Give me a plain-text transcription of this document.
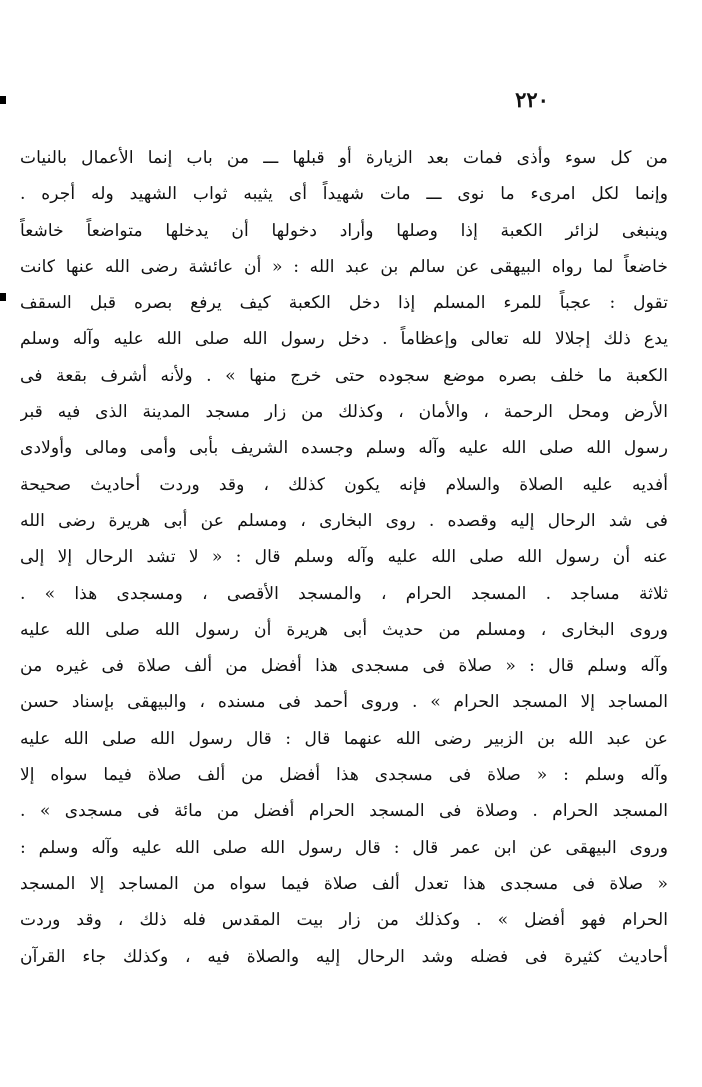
٢٢٠
من كل سوء وأذى فمات بعد الزيارة أو قبلها ـــ من باب إنما الأعمال بالنيات
وإنما لكل امرىء ما نوى ـــ مات شهيداً أى يثيبه ثواب الشهيد وله أجره .
وينبغى لزائر الكعبة إذا وصلها وأراد دخولها أن يدخلها متواضعاً خاشعاً
خاضعاً لما رواه البيهقى عن سالم بن عبد الله : « أن عائشة رضى الله عنها كانت
تقول : عجباً للمرء المسلم إذا دخل الكعبة كيف يرفع بصره قبل السقف
يدع ذلك إجلالا لله تعالى وإعظاماً . دخل رسول الله صلى الله عليه وآله وسلم
الكعبة ما خلف بصره موضع سجوده حتى خرج منها » . ولأنه أشرف بقعة فى
الأرض ومحل الرحمة ، والأمان ، وكذلك من زار مسجد المدينة الذى فيه قبر
رسول الله صلى الله عليه وآله وسلم وجسده الشريف بأبى وأمى ومالى وأولادى
أفديه عليه الصلاة والسلام فإنه يكون كذلك ، وقد وردت أحاديث صحيحة
فى شد الرحال إليه وقصده . روى البخارى ، ومسلم عن أبى هريرة رضى الله
عنه أن رسول الله صلى الله عليه وآله وسلم قال : « لا تشد الرحال إلا إلى
ثلاثة مساجد . المسجد الحرام ، والمسجد الأقصى ، ومسجدى هذا » .
وروى البخارى ، ومسلم من حديث أبى هريرة أن رسول الله صلى الله عليه
وآله وسلم قال : « صلاة فى مسجدى هذا أفضل من ألف صلاة فى غيره من
المساجد إلا المسجد الحرام » . وروى أحمد فى مسنده ، والبيهقى بإسناد حسن
عن عبد الله بن الزبير رضى الله عنهما قال : قال رسول الله صلى الله عليه
وآله وسلم : « صلاة فى مسجدى هذا أفضل من ألف صلاة فيما سواه إلا
المسجد الحرام . وصلاة فى المسجد الحرام أفضل من مائة فى مسجدى » .
وروى البيهقى عن ابن عمر قال : قال رسول الله صلى الله عليه وآله وسلم :
« صلاة فى مسجدى هذا تعدل ألف صلاة فيما سواه من المساجد إلا المسجد
الحرام فهو أفضل » . وكذلك من زار بيت المقدس فله ذلك ، وقد وردت
أحاديث كثيرة فى فضله وشد الرحال إليه والصلاة فيه ، وكذلك جاء القرآن
